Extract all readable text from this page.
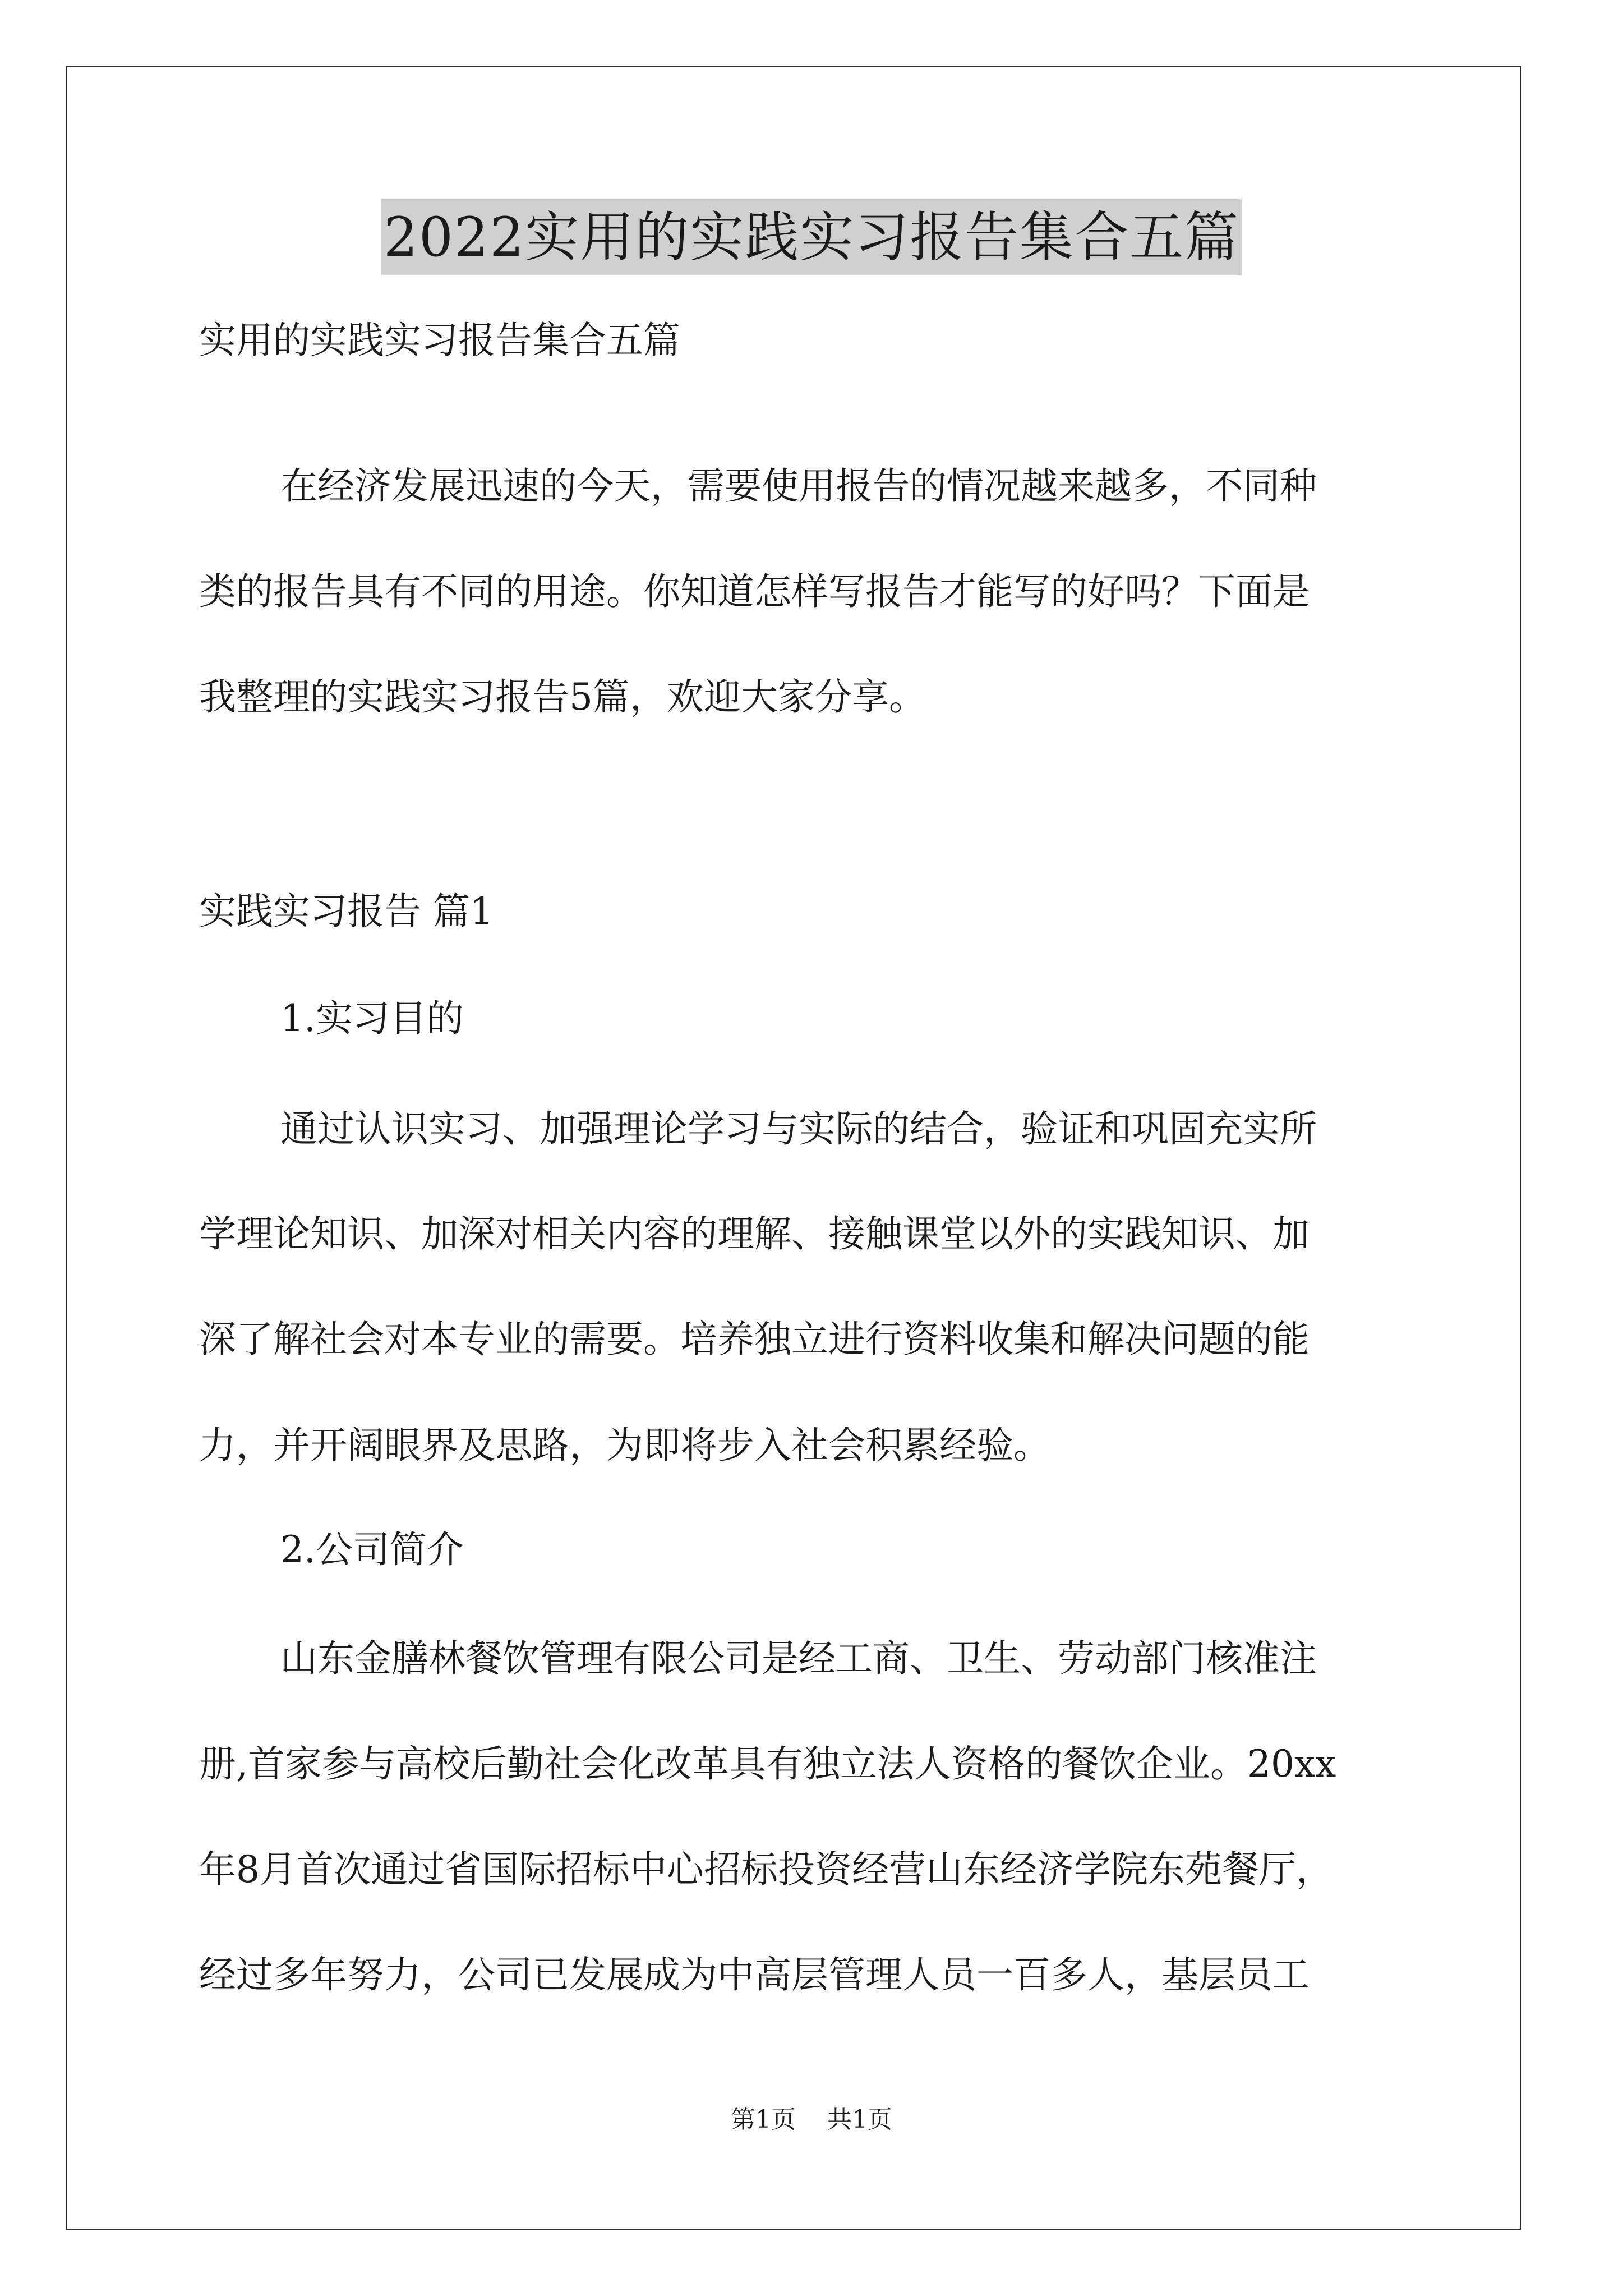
2022实用的实践实习报告集合五篇

实用的实践实习报告集合五篇

在经济发展迅速的今天，需要使用报告的情况越来越多，不同种

类的报告具有不同的用途。你知道怎样写报告才能写的好吗？下面是

我整理的实践实习报告5篇，欢迎大家分享。

实践实习报告 篇1

1.实习目的

通过认识实习、加强理论学习与实际的结合，验证和巩固充实所

学理论知识、加深对相关内容的理解、接触课堂以外的实践知识、加

深了解社会对本专业的需要。培养独立进行资料收集和解决问题的能

力，并开阔眼界及思路，为即将步入社会积累经验。

2.公司简介

山东金膳林餐饮管理有限公司是经工商、卫生、劳动部门核准注

册,首家参与高校后勤社会化改革具有独立法人资格的餐饮企业。20xx

年8月首次通过省国际招标中心招标投资经营山东经济学院东苑餐厅，

经过多年努力，公司已发展成为中高层管理人员一百多人，基层员工

第1页 共1页
